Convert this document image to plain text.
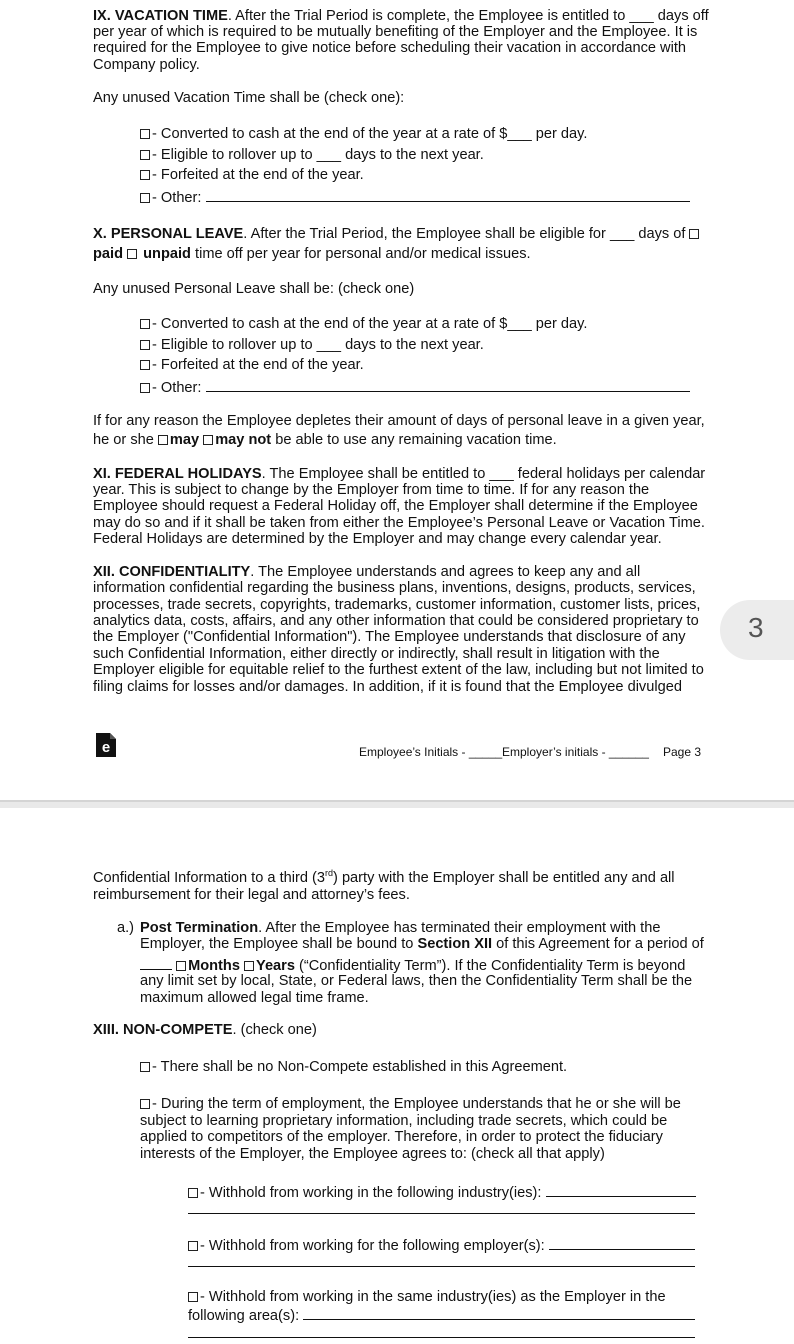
IX. VACATION TIME. After the Trial Period is complete, the Employee is entitled to ___ days off
per year of which is required to be mutually benefiting of the Employer and the Employee. It is
required for the Employee to give notice before scheduling their vacation in accordance with
Company policy.
Any unused Vacation Time shall be (check one):
- Converted to cash at the end of the year at a rate of $___ per day.
- Eligible to rollover up to ___ days to the next year.
- Forfeited at the end of the year.
- Other:
X. PERSONAL LEAVE. After the Trial Period, the Employee shall be eligible for ___ days of
paid unpaid time off per year for personal and/or medical issues.
Any unused Personal Leave shall be: (check one)
- Converted to cash at the end of the year at a rate of $___ per day.
- Eligible to rollover up to ___ days to the next year.
- Forfeited at the end of the year.
- Other:
If for any reason the Employee depletes their amount of days of personal leave in a given year,
he or she may may not be able to use any remaining vacation time.
XI. FEDERAL HOLIDAYS. The Employee shall be entitled to ___ federal holidays per calendar
year. This is subject to change by the Employer from time to time. If for any reason the
Employee should request a Federal Holiday off, the Employer shall determine if the Employee
may do so and if it shall be taken from either the Employee’s Personal Leave or Vacation Time.
Federal Holidays are determined by the Employer and may change every calendar year.
XII. CONFIDENTIALITY. The Employee understands and agrees to keep any and all
information confidential regarding the business plans, inventions, designs, products, services,
processes, trade secrets, copyrights, trademarks, customer information, customer lists, prices,
analytics data, costs, affairs, and any other information that could be considered proprietary to
the Employer ("Confidential Information"). The Employee understands that disclosure of any
such Confidential Information, either directly or indirectly, shall result in litigation with the
Employer eligible for equitable relief to the furthest extent of the law, including but not limited to
filing claims for losses and/or damages. In addition, if it is found that the Employee divulged
e	Employee’s Initials - _____ Employer’s initials - ______ Page 3
3
Confidential Information to a third (3rd) party with the Employer shall be entitled any and all
reimbursement for their legal and attorney’s fees.
a.) Post Termination. After the Employee has terminated their employment with the
Employer, the Employee shall be bound to Section XII of this Agreement for a period of
Months Years (“Confidentiality Term”). If the Confidentiality Term is beyond
any limit set by local, State, or Federal laws, then the Confidentiality Term shall be the
maximum allowed legal time frame.
XIII. NON-COMPETE. (check one)
- There shall be no Non-Compete established in this Agreement.
- During the term of employment, the Employee understands that he or she will be
subject to learning proprietary information, including trade secrets, which could be
applied to competitors of the employer. Therefore, in order to protect the fiduciary
interests of the Employer, the Employee agrees to: (check all that apply)
- Withhold from working in the following industry(ies):
- Withhold from working for the following employer(s):
- Withhold from working in the same industry(ies) as the Employer in the
following area(s):
